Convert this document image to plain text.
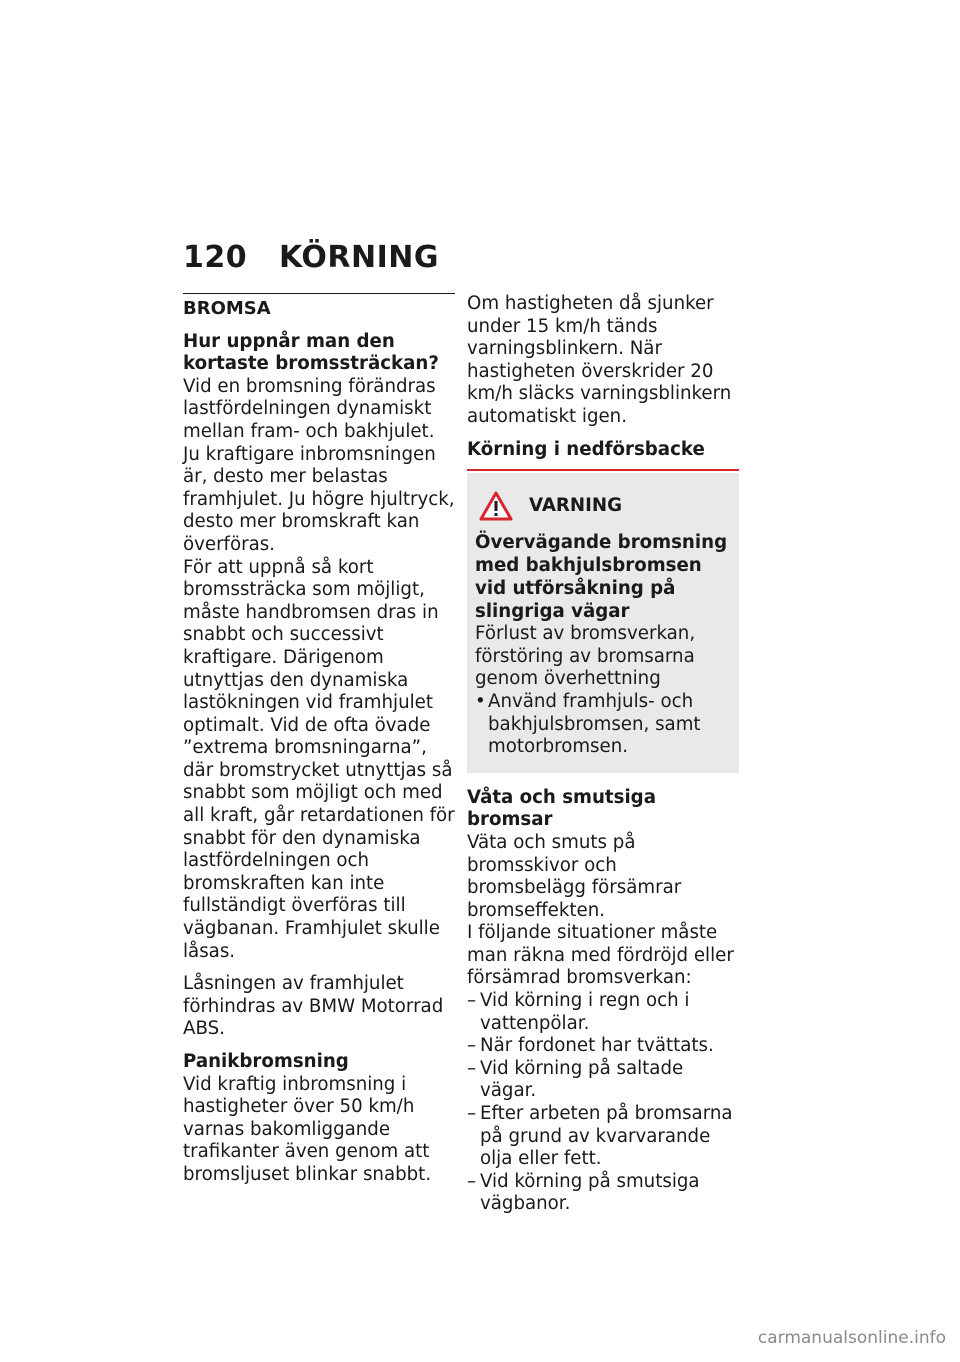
120 KÖRNING
BROMSA

Hur uppnår man den kortaste bromssträckan?

Vid en bromsning förändras lastfördelningen dynamiskt mellan fram- och bakhjulet. Ju kraftigare inbromsningen är, desto mer belastas framhjulet. Ju högre hjultryck, desto mer bromskraft kan överföras.

För att uppnå så kort bromssträcka som möjligt, måste handbromsen dras in snabbt och successivt kraftigare. Därigenom utnyttjas den dynamiska lastökningen vid framhjulet optimalt. Vid de ofta övade ”extrema bromsningarna”, där bromstrycket utnyttjas så snabbt som möjligt och med all kraft, går retardationen för snabbt för den dynamiska lastfördelningen och bromskraften kan inte fullständigt överföras till vägbanan. Framhjulet skulle låsas.

Låsningen av framhjulet förhindras av BMW Motorrad ABS.

Panikbromsning

Vid kraftig inbromsning i hastigheter över 50 km/h varnas bakomliggande trafikanter även genom att bromsljuset blinkar snabbt.

Om hastigheten då sjunker under 15 km/h tänds varningsblinkern. När hastigheten överskrider 20 km/h släcks varningsblinkern automatiskt igen.

Körning i nedförsbacke

VARNING

Övervägande bromsning med bakhjulsbromsen vid utförsåkning på slingriga vägar

Förlust av bromsverkan, förstöring av bromsarna genom överhettning

• Använd framhjuls- och bakhjulsbromsen, samt motorbromsen.

Våta och smutsiga bromsar

Väta och smuts på bromsskivor och bromsbelägg försämrar bromseffekten.

I följande situationer måste man räkna med fördröjd eller försämrad bromsverkan:

– Vid körning i regn och i vattenpölar.
– När fordonet har tvättats.
– Vid körning på saltade vägar.
– Efter arbeten på bromsarna på grund av kvarvarande olja eller fett.
– Vid körning på smutsiga vägbanor.
carmanualsonline.info
